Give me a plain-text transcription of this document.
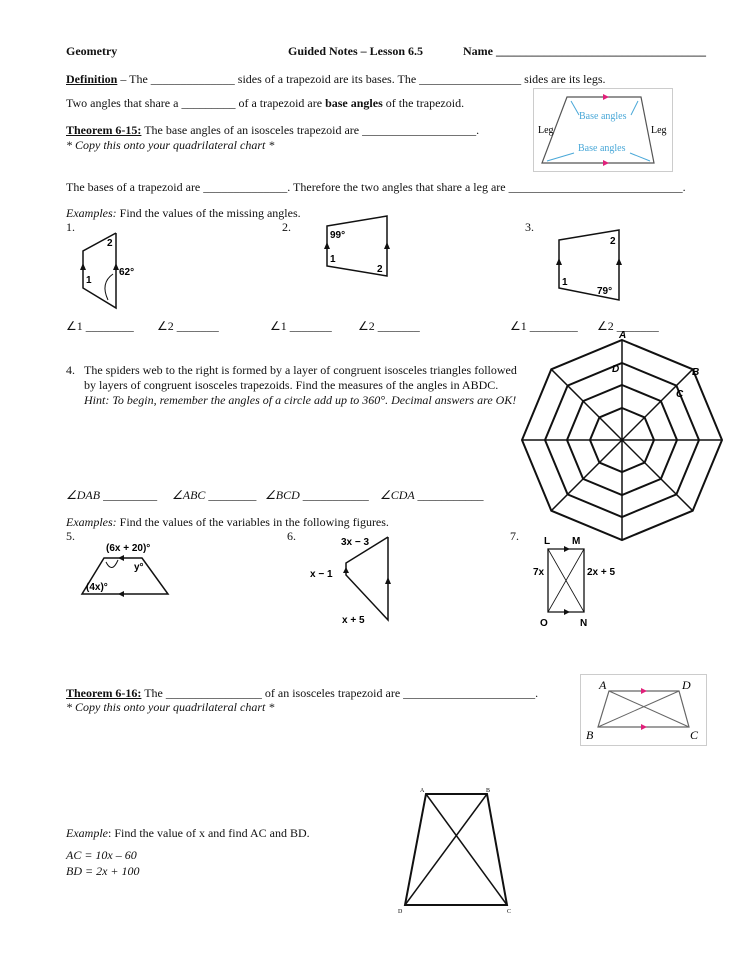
Geometry	Guided Notes – Lesson 6.5	Name ___________________________________
Definition – The ______________ sides of a trapezoid are its bases. The _________________ sides are its legs.
Two angles that share a _________ of a trapezoid are base angles of the trapezoid.
Theorem 6-15: The base angles of an isosceles trapezoid are ___________________.
* Copy this onto your quadrilateral chart *
Base angles
Base angles
Leg	Leg
The bases of a trapezoid are ______________. Therefore the two angles that share a leg are _____________________________.
Examples: Find the values of the missing angles.
1.	2.	3.
62°
1
2
99°
1
2
1
2
79°
∠1 ________ ∠2 _______	∠1 _______ ∠2 _______	∠1 ________ ∠2 _______
4. The spiders web to the right is formed by a layer of congruent isosceles triangles followed
by layers of congruent isosceles trapezoids. Find the measures of the angles in ABDC.
Hint: To begin, remember the angles of a circle add up to 360°. Decimal answers are OK!
A
B
C
D
∠DAB _________ ∠ABC ________ ∠BCD ___________ ∠CDA ___________
Examples: Find the values of the variables in the following figures.
5.	6.	7.
(6x + 20)°
y°
(4x)°
3x − 3
x − 1
x + 5
L M
O	N
7x	2x + 5
Theorem 6-16: The ________________ of an isosceles trapezoid are ______________________.
* Copy this onto your quadrilateral chart *
A	D
B	C
Example: Find the value of x and find AC and BD.
AC = 10x – 60
BD = 2x + 100
A	B
C
D
